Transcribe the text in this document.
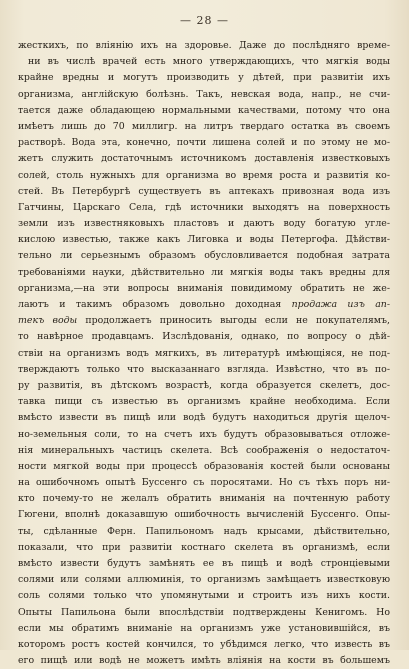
— 28 —
жесткихъ, по вліянію ихъ на здоровье. Даже до послѣдняго време-
ни въ числѣ врачей есть много утверждающихъ, что мягкія воды
крайне вредны и могутъ производить у дѣтей, при развитіи ихъ
организма, англійскую болѣзнь. Такъ, невская вода, напр., не счи-
тается даже обладающею нормальными качествами, потому что она
имѣетъ лишь до 70 миллигр. на литръ твердаго остатка въ своемъ
растворѣ. Вода эта, конечно, почти лишена солей и по этому не мо-
жетъ служить достаточнымъ источникомъ доставленія известковыхъ
солей, столь нужныхъ для организма во время роста и развитія ко-
стей. Въ Петербургѣ существуетъ въ аптекахъ привозная вода изъ
Гатчины, Царскаго Села, гдѣ источники выходятъ на поверхность
земли изъ известняковыхъ пластовъ и даютъ воду богатую угле-
кислою известью, также какъ Лиговка и воды Петергофа. Дѣйстви-
тельно ли серьезнымъ образомъ обусловливается подобная затрата
требованіями науки, дѣйствительно ли мягкія воды такъ вредны для
организма,—на эти вопросы вниманія повидимому обратить не же-
лаютъ и такимъ образомъ довольно доходная продажа изъ ап-
текъ воды продолжаетъ приносить выгоды если не покупателямъ,
то навѣрное продавцамъ. Изслѣдованія, однако, по вопросу о дѣй-
ствіи на организмъ водъ мягкихъ, въ литературѣ имѣющіяся, не под-
тверждаютъ только что высказаннаго взгляда. Извѣстно, что въ по-
ру развитія, въ дѣтскомъ возрастѣ, когда образуется скелетъ, дос-
тавка пищи съ известью въ организмъ крайне необходима. Если
вмѣсто извести въ пищѣ или водѣ будутъ находиться другія щелоч-
но-земельныя соли, то на счетъ ихъ будутъ образовываться отложе-
нія минеральныхъ частицъ скелета. Всѣ соображенія о недостаточ-
ности мягкой воды при процессѣ образованія костей были основаны
на ошибочномъ опытѣ Буссенго съ поросятами. Но съ тѣхъ поръ ни-
кто почему-то не желалъ обратить вниманія на почтенную работу
Гюгени, вполнѣ доказавшую ошибочность вычисленій Буссенго. Опы-
ты, сдѣланные Ферн. Папильономъ надъ крысами, дѣйствительно,
показали, что при развитіи костнаго скелета въ организмѣ, если
вмѣсто извести будутъ замѣнять ее въ пищѣ и водѣ стронціевыми
солями или солями аллюминія, то организмъ замѣщаетъ известковую
соль солями только что упомянутыми и строитъ изъ нихъ кости.
Опыты Папильона были впослѣдствіи подтверждены Кенигомъ. Но
если мы обратимъ вниманіе на организмъ уже установившійся, въ
которомъ ростъ костей кончился, то убѣдимся легко, что известь въ
его пищѣ или водѣ не можетъ имѣть вліянія на кости въ большемъ
